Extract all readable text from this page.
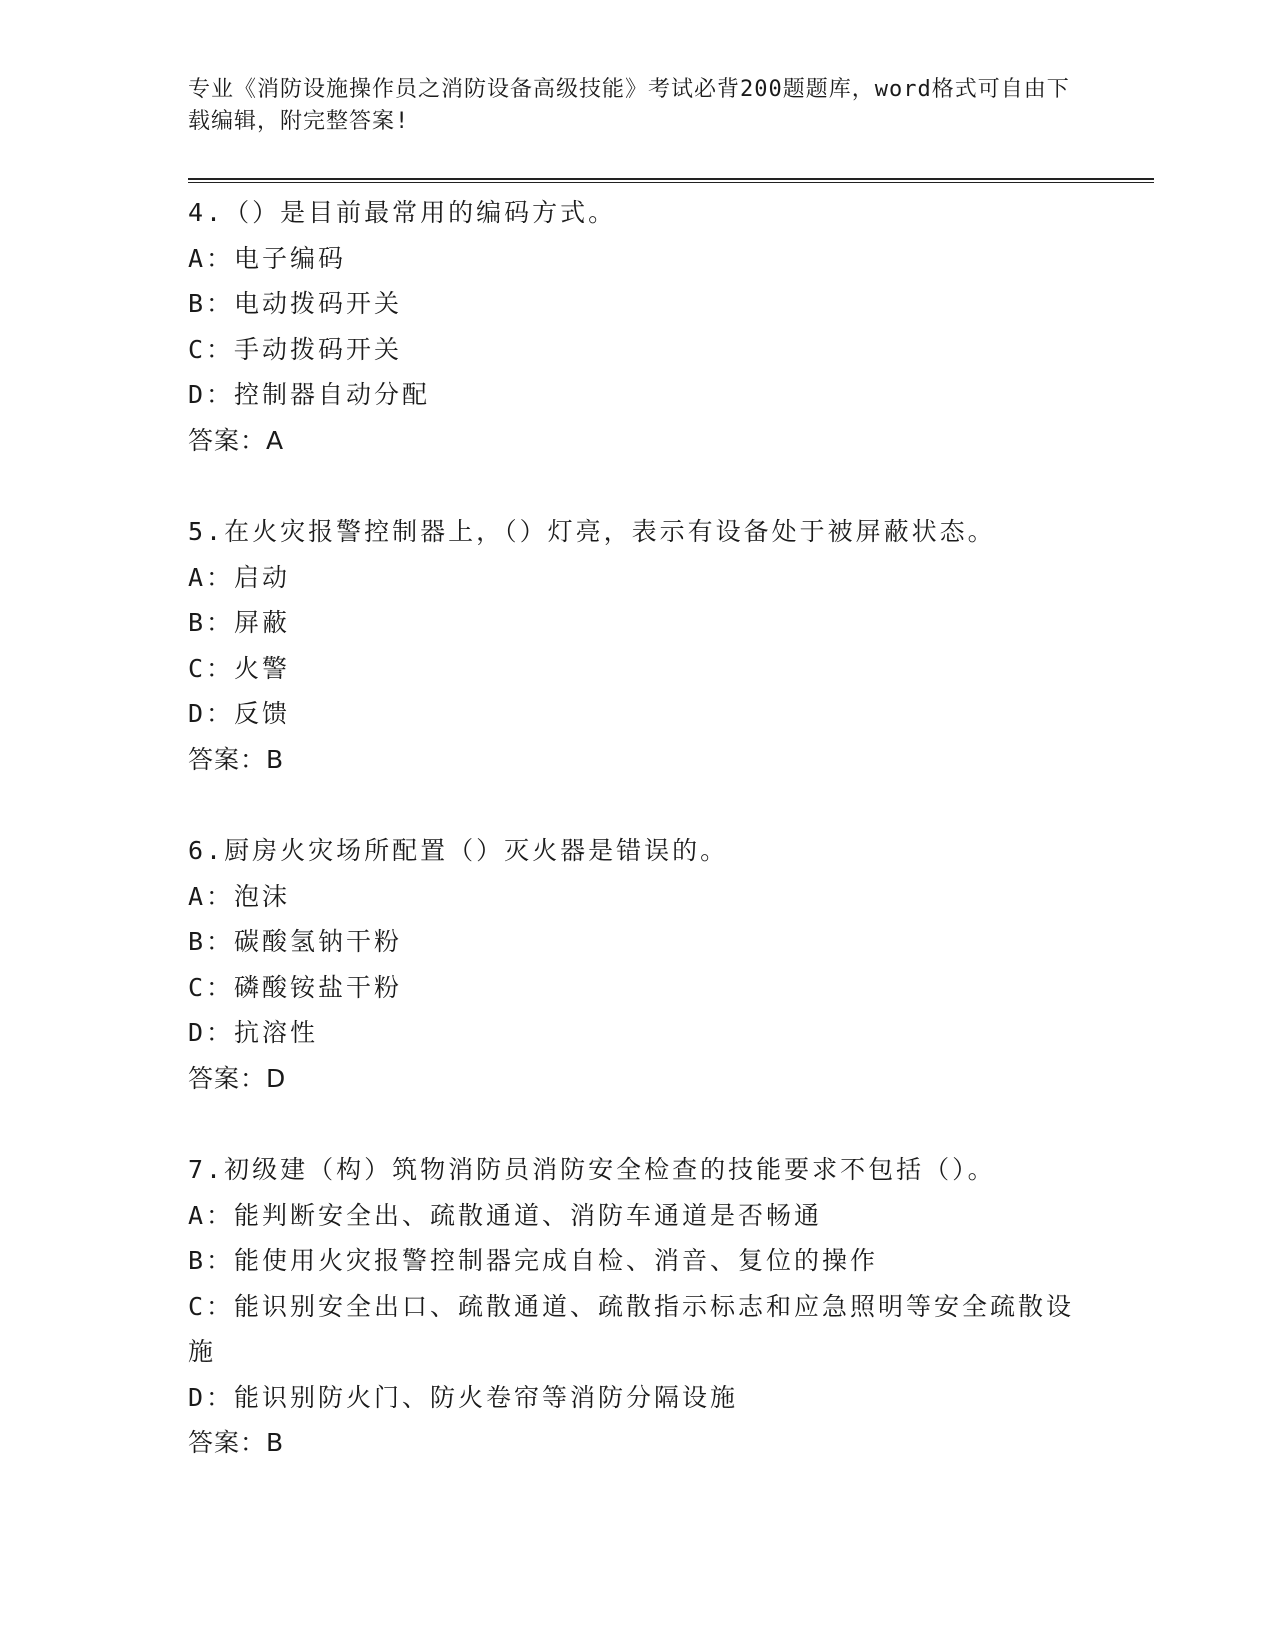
专业《消防设施操作员之消防设备高级技能》考试必背200题题库，word格式可自由下载编辑，附完整答案!
4.（）是目前最常用的编码方式。
A：电子编码
B：电动拨码开关
C：手动拨码开关
D：控制器自动分配
答案：A
5.在火灾报警控制器上，（）灯亮，表示有设备处于被屏蔽状态。
A：启动
B：屏蔽
C：火警
D：反馈
答案：B
6.厨房火灾场所配置（）灭火器是错误的。
A：泡沫
B：碳酸氢钠干粉
C：磷酸铵盐干粉
D：抗溶性
答案：D
7.初级建（构）筑物消防员消防安全检查的技能要求不包括（）。
A：能判断安全出、疏散通道、消防车通道是否畅通
B：能使用火灾报警控制器完成自检、消音、复位的操作
C：能识别安全出口、疏散通道、疏散指示标志和应急照明等安全疏散设施
D：能识别防火门、防火卷帘等消防分隔设施
答案：B
